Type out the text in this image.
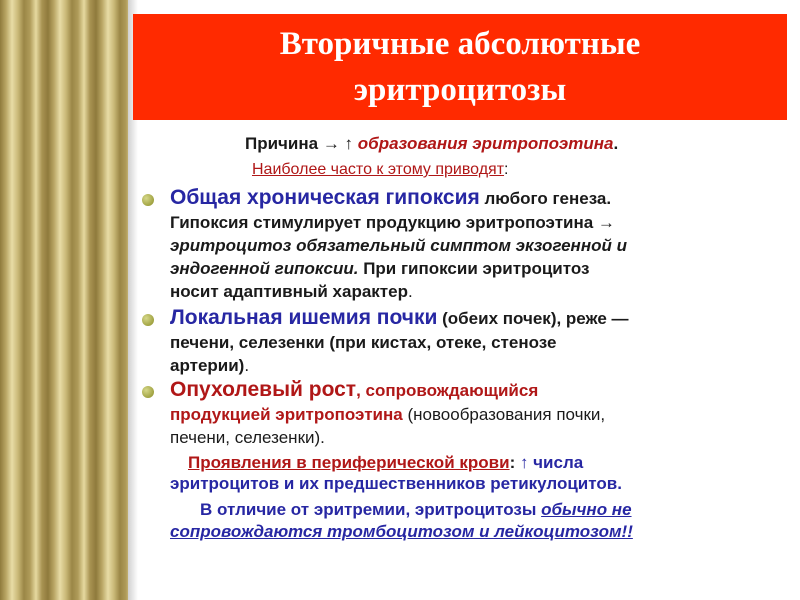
Вторичные абсолютные
эритроцитозы
Причина → ↑ образования эритропоэтина.
Наиболее часто к этому приводят:
Общая хроническая гипоксия любого генеза.
Гипоксия стимулирует продукцию эритропоэтина →
эритроцитоз обязательный симптом экзогенной и
эндогенной гипоксии. При гипоксии эритроцитоз
носит адаптивный характер.
Локальная ишемия почки (обеих почек), реже —
печени, селезенки (при кистах, отеке, стенозе
артерии).
Опухолевый рост, сопровождающийся
продукцией эритропоэтина (новообразования почки,
печени, селезенки).
Проявления в периферической крови: ↑ числа
эритроцитов и их предшественников ретикулоцитов.
В отличие от эритремии, эритроцитозы обычно не
сопровождаются тромбоцитозом и лейкоцитозом!!
